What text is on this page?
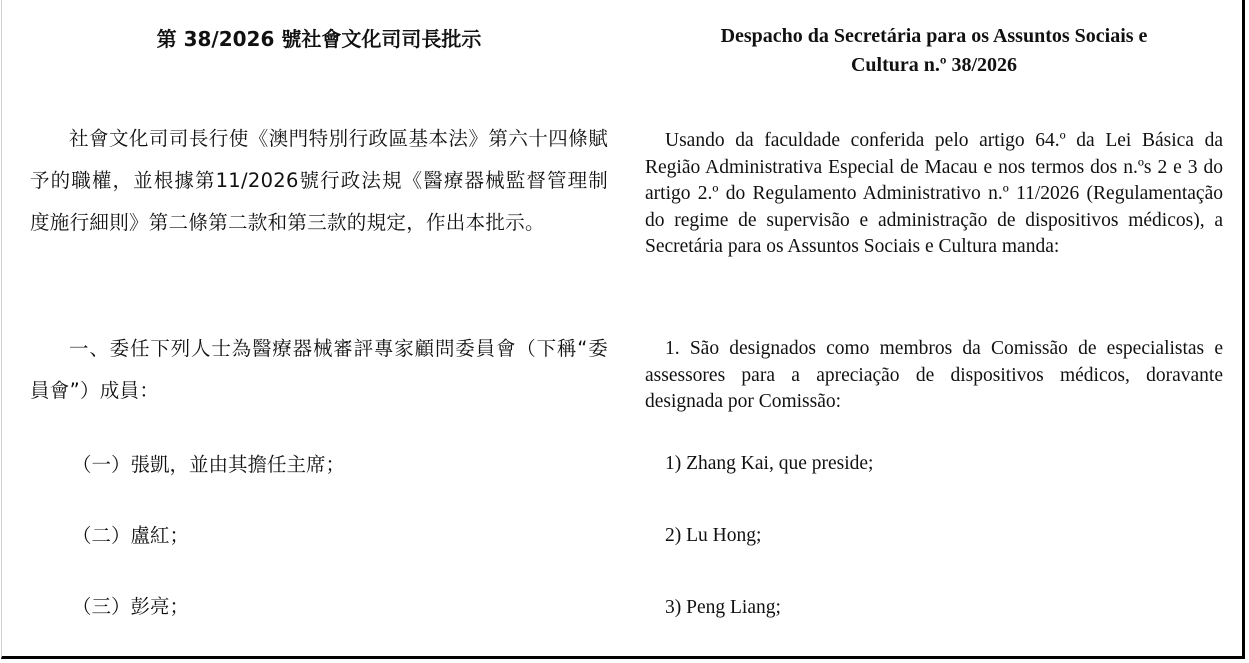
第 38/2026 號社會文化司司長批示

社會文化司司長行使《澳門特別行政區基本法》第六十四條賦予的職權，並根據第11/2026號行政法規《醫療器械監督管理制度施行細則》第二條第二款和第三款的規定，作出本批示。

一、委任下列人士為醫療器械審評專家顧問委員會（下稱“委員會”）成員：

（一）張凱，並由其擔任主席；

（二）盧紅；

（三）彭亮；

Despacho da Secretária para os Assuntos Sociais e
Cultura n.º 38/2026

Usando da faculdade conferida pelo artigo 64.º da Lei Básica da Região Administrativa Especial de Macau e nos termos dos n.ºs 2 e 3 do artigo 2.º do Regulamento Administrativo n.º 11/2026 (Regulamentação do regime de supervisão e administração de dispositivos médicos), a Secretária para os Assuntos Sociais e Cultura manda:

1. São designados como membros da Comissão de especialistas e assessores para a apreciação de dispositivos médicos, doravante designada por Comissão:

1) Zhang Kai, que preside;

2) Lu Hong;

3) Peng Liang;
